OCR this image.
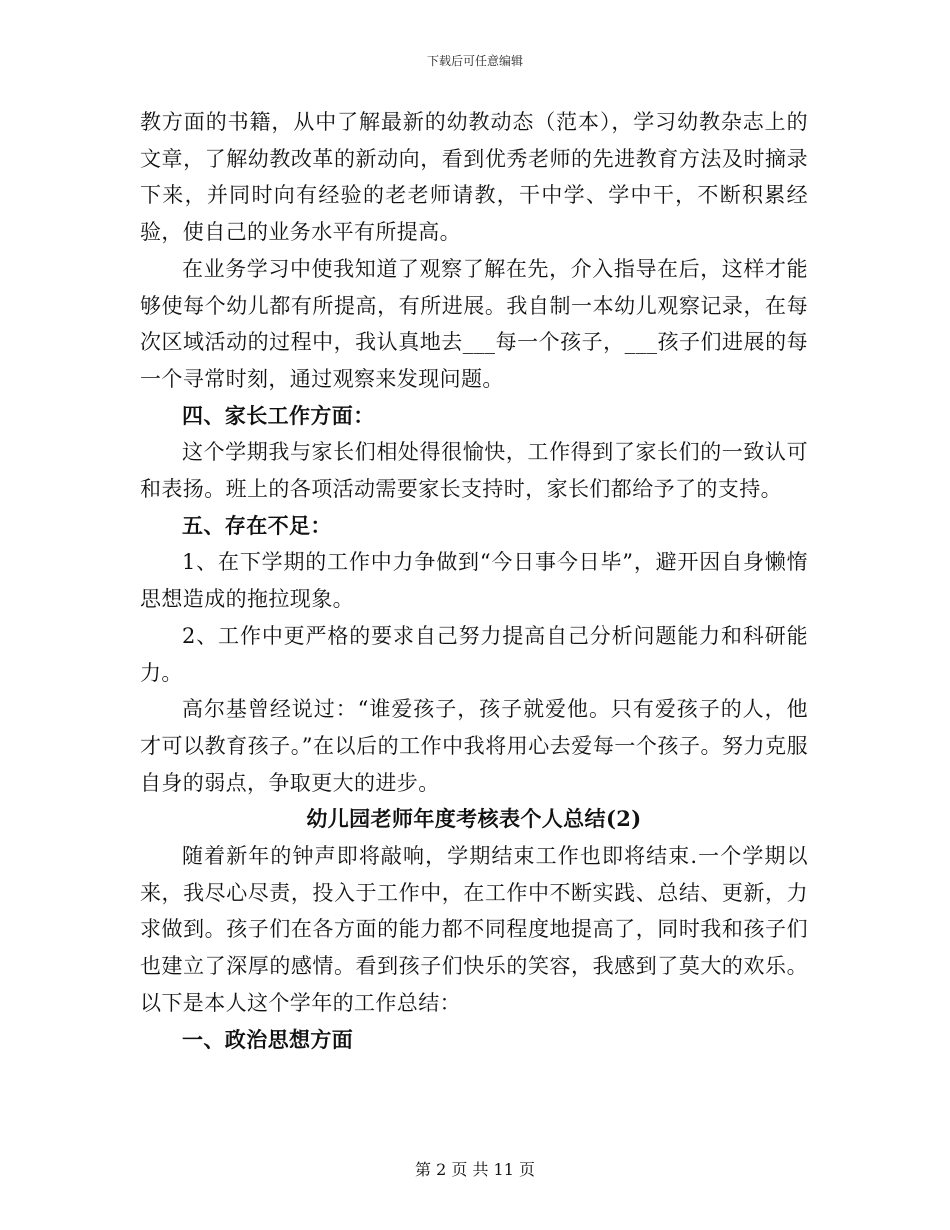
下载后可任意编辑

教方面的书籍，从中了解最新的幼教动态（范本），学习幼教杂志上的文章，了解幼教改革的新动向，看到优秀老师的先进教育方法及时摘录下来，并同时向有经验的老老师请教，干中学、学中干，不断积累经验，使自己的业务水平有所提高。

在业务学习中使我知道了观察了解在先，介入指导在后，这样才能够使每个幼儿都有所提高，有所进展。我自制一本幼儿观察记录，在每次区域活动的过程中，我认真地去___每一个孩子，___孩子们进展的每一个寻常时刻，通过观察来发现问题。

四、家长工作方面：

这个学期我与家长们相处得很愉快，工作得到了家长们的一致认可和表扬。班上的各项活动需要家长支持时，家长们都给予了的支持。

五、存在不足：

1、在下学期的工作中力争做到“今日事今日毕”，避开因自身懒惰思想造成的拖拉现象。

2、工作中更严格的要求自己努力提高自己分析问题能力和科研能力。

高尔基曾经说过：“谁爱孩子，孩子就爱他。只有爱孩子的人，他才可以教育孩子。”在以后的工作中我将用心去爱每一个孩子。努力克服自身的弱点，争取更大的进步。

幼儿园老师年度考核表个人总结(2)

随着新年的钟声即将敲响，学期结束工作也即将结束.一个学期以来，我尽心尽责，投入于工作中，在工作中不断实践、总结、更新，力求做到。孩子们在各方面的能力都不同程度地提高了，同时我和孩子们也建立了深厚的感情。看到孩子们快乐的笑容，我感到了莫大的欢乐。以下是本人这个学年的工作总结：

一、政治思想方面

第 2 页 共 11 页
